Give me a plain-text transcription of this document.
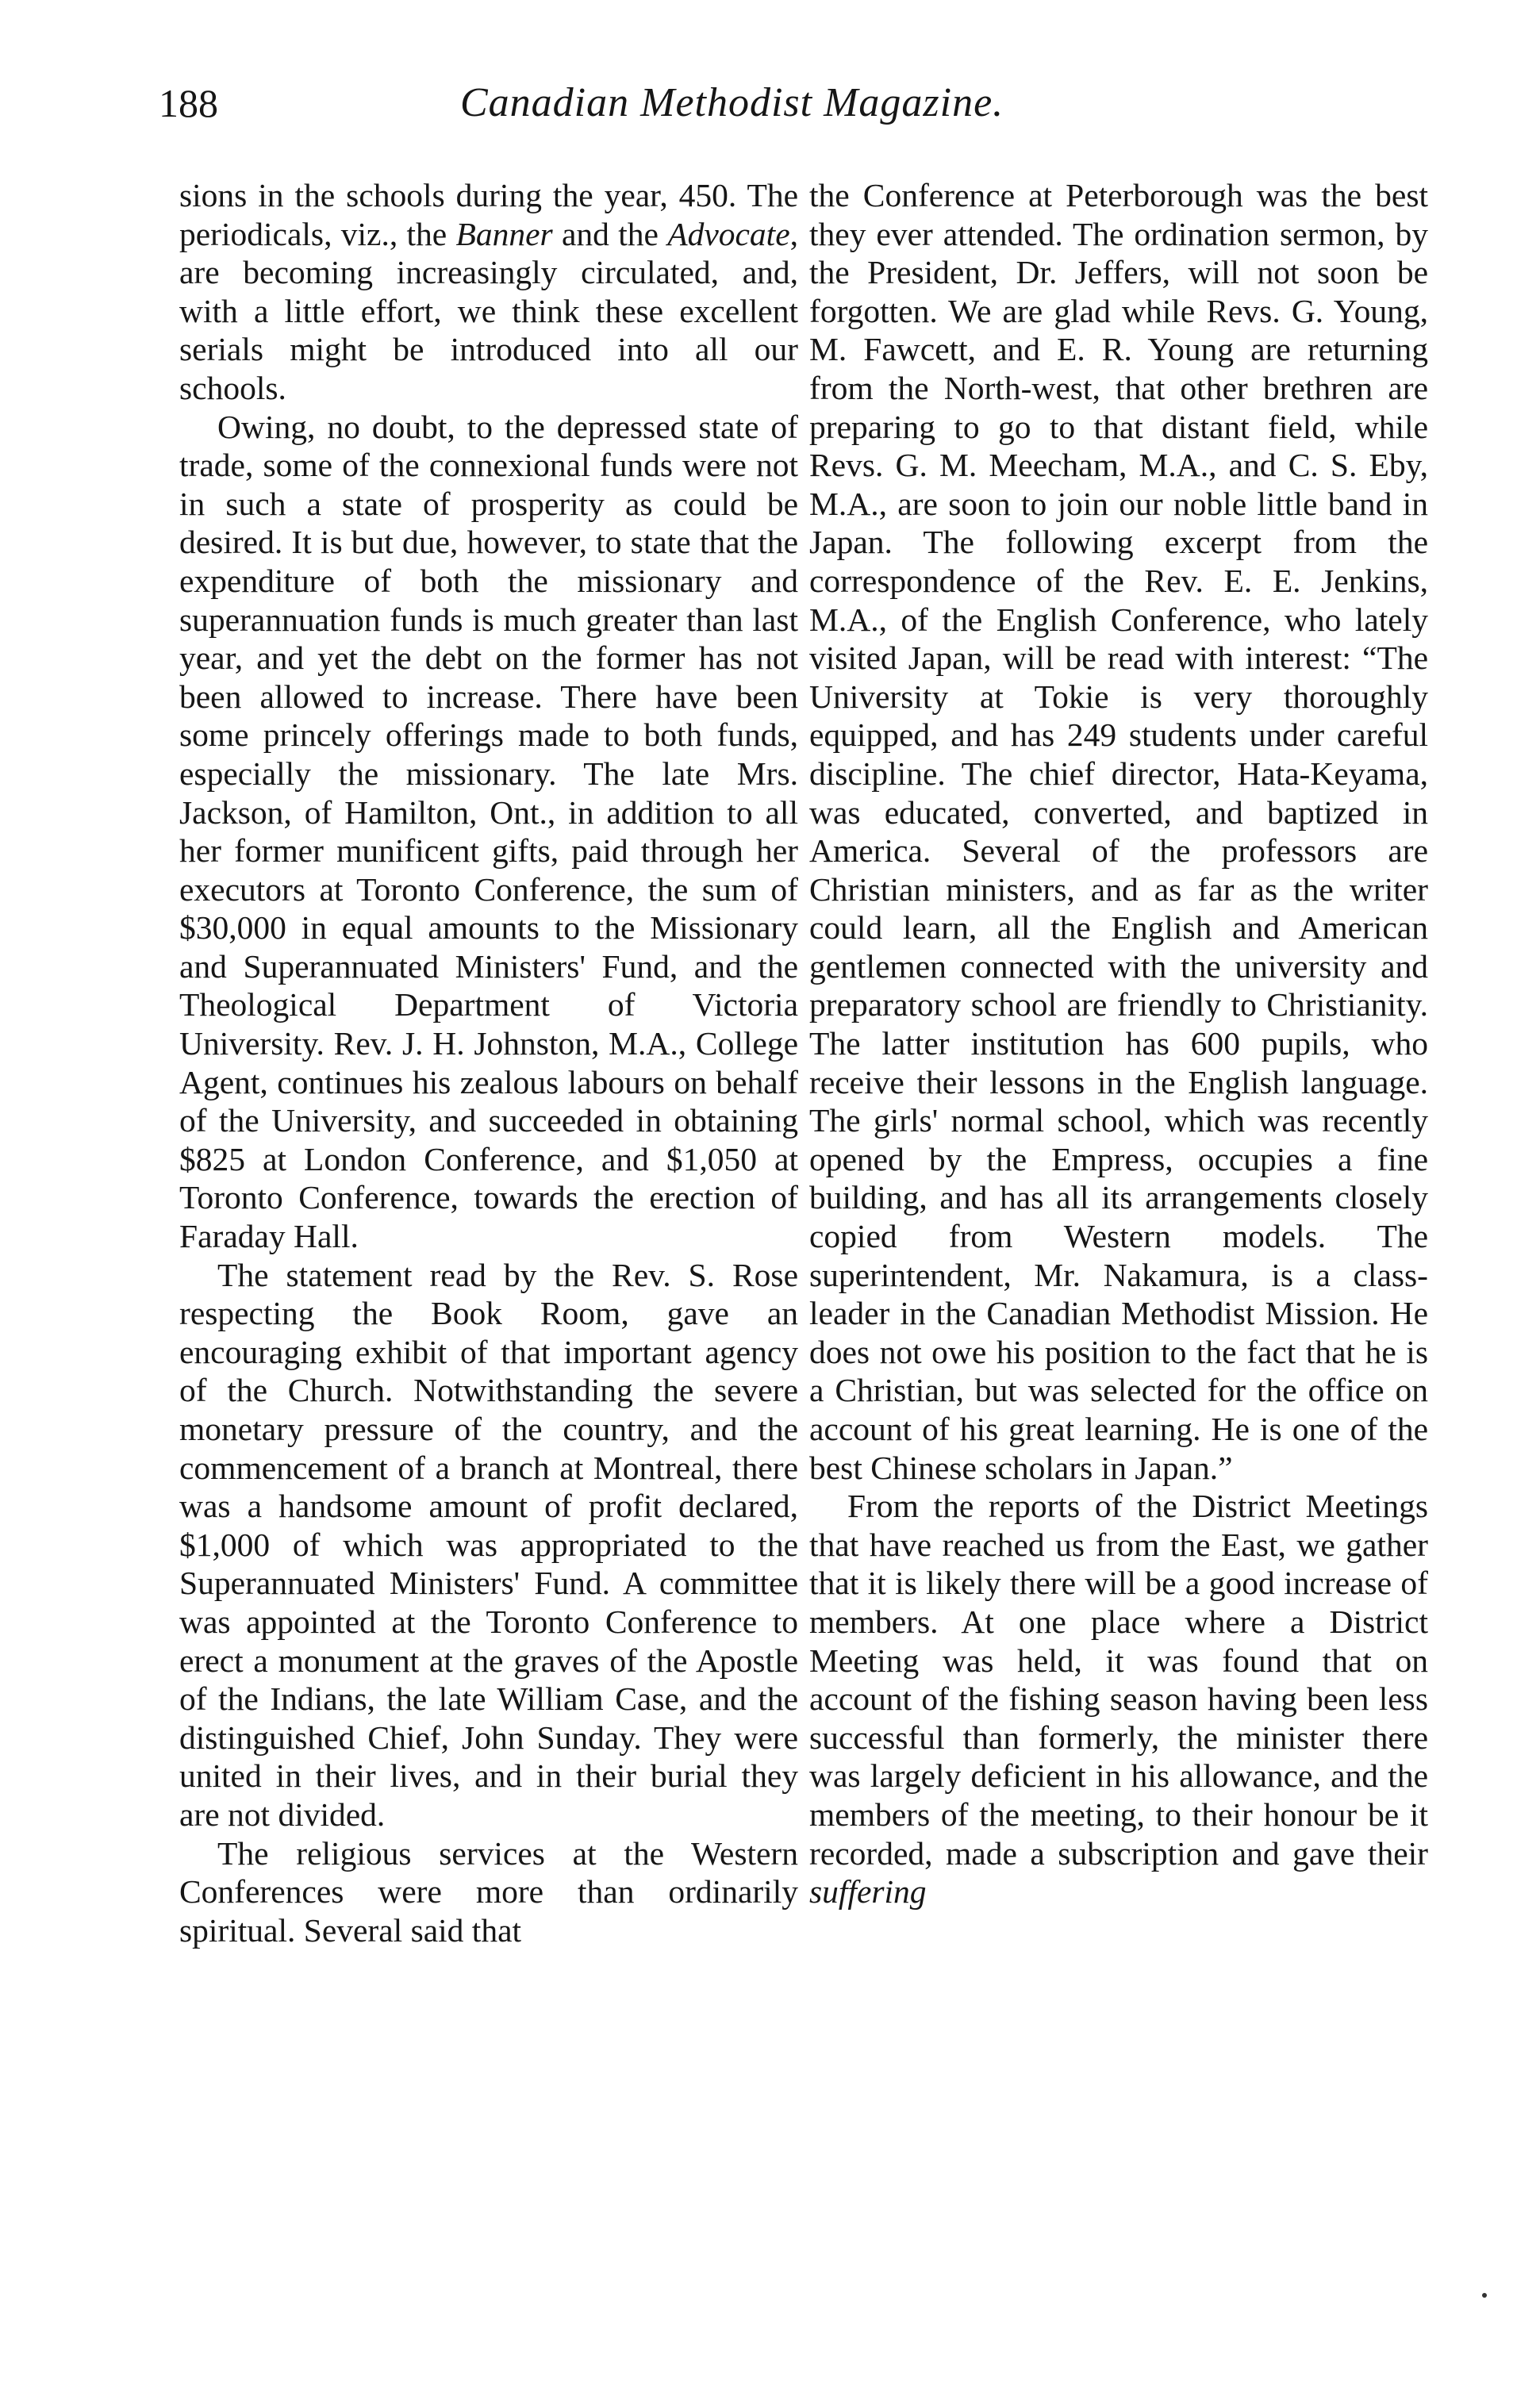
188	Canadian Methodist Magazine.

sions in the schools during the year, 450. The periodicals, viz., the Banner and the Advocate, are becoming increasingly circulated, and, with a little effort, we think these excellent serials might be introduced into all our schools.

Owing, no doubt, to the depressed state of trade, some of the connexional funds were not in such a state of prosperity as could be desired. It is but due, however, to state that the expenditure of both the missionary and superannuation funds is much greater than last year, and yet the debt on the former has not been allowed to increase. There have been some princely offerings made to both funds, especially the missionary. The late Mrs. Jackson, of Hamilton, Ont., in addition to all her former munificent gifts, paid through her executors at Toronto Conference, the sum of $30,000 in equal amounts to the Missionary and Superannuated Ministers' Fund, and the Theological Department of Victoria University. Rev. J. H. Johnston, M.A., College Agent, continues his zealous labours on behalf of the University, and succeeded in obtaining $825 at London Conference, and $1,050 at Toronto Conference, towards the erection of Faraday Hall.

The statement read by the Rev. S. Rose respecting the Book Room, gave an encouraging exhibit of that important agency of the Church. Notwithstanding the severe monetary pressure of the country, and the commencement of a branch at Montreal, there was a handsome amount of profit declared, $1,000 of which was appropriated to the Superannuated Ministers' Fund. A committee was appointed at the Toronto Conference to erect a monument at the graves of the Apostle of the Indians, the late William Case, and the distinguished Chief, John Sunday. They were united in their lives, and in their burial they are not divided.

The religious services at the Western Conferences were more than ordinarily spiritual. Several said that

the Conference at Peterborough was the best they ever attended. The ordination sermon, by the President, Dr. Jeffers, will not soon be forgotten. We are glad while Revs. G. Young, M. Fawcett, and E. R. Young are returning from the North-west, that other brethren are preparing to go to that distant field, while Revs. G. M. Meecham, M.A., and C. S. Eby, M.A., are soon to join our noble little band in Japan. The following excerpt from the correspondence of the Rev. E. E. Jenkins, M.A., of the English Conference, who lately visited Japan, will be read with interest: “The University at Tokie is very thoroughly equipped, and has 249 students under careful discipline. The chief director, Hata-Keyama, was educated, converted, and baptized in America. Several of the professors are Christian ministers, and as far as the writer could learn, all the English and American gentlemen connected with the university and preparatory school are friendly to Christianity. The latter institution has 600 pupils, who receive their lessons in the English language. The girls' normal school, which was recently opened by the Empress, occupies a fine building, and has all its arrangements closely copied from Western models. The superintendent, Mr. Nakamura, is a class-leader in the Canadian Methodist Mission. He does not owe his position to the fact that he is a Christian, but was selected for the office on account of his great learning. He is one of the best Chinese scholars in Japan.”

From the reports of the District Meetings that have reached us from the East, we gather that it is likely there will be a good increase of members. At one place where a District Meeting was held, it was found that on account of the fishing season having been less successful than formerly, the minister there was largely deficient in his allowance, and the members of the meeting, to their honour be it recorded, made a subscription and gave their suffering
